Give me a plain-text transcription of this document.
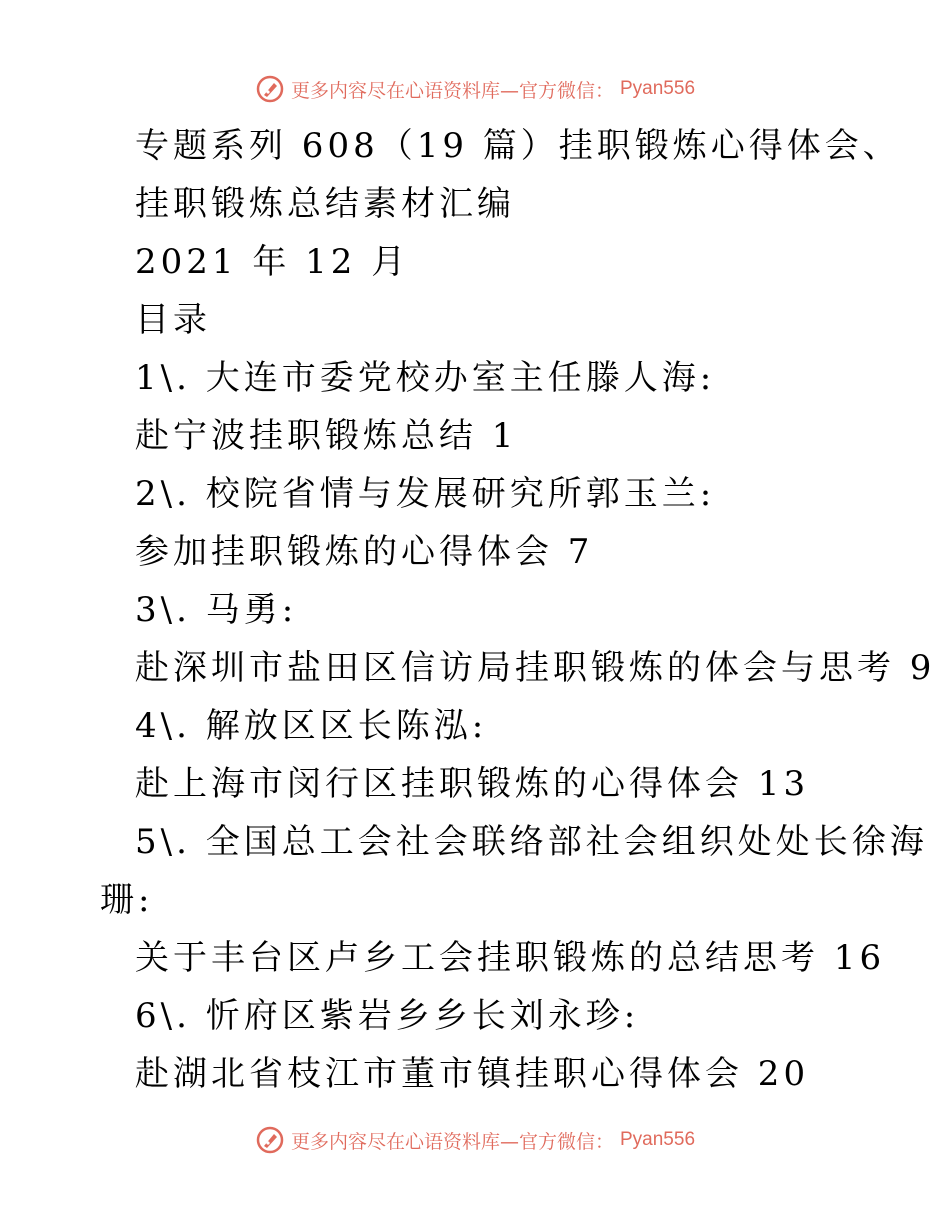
更多内容尽在心语资料库—官方微信： Pyan556
专题系列 608（19 篇）挂职锻炼心得体会、
挂职锻炼总结素材汇编
2021 年 12 月
目录
1\. 大连市委党校办室主任滕人海:
赴宁波挂职锻炼总结 1
2\. 校院省情与发展研究所郭玉兰:
参加挂职锻炼的心得体会 7
3\. 马勇:
赴深圳市盐田区信访局挂职锻炼的体会与思考 9
4\. 解放区区长陈泓:
赴上海市闵行区挂职锻炼的心得体会 13
5\. 全国总工会社会联络部社会组织处处长徐海
珊:
关于丰台区卢乡工会挂职锻炼的总结思考 16
6\. 忻府区紫岩乡乡长刘永珍:
赴湖北省枝江市董市镇挂职心得体会 20
更多内容尽在心语资料库—官方微信： Pyan556
